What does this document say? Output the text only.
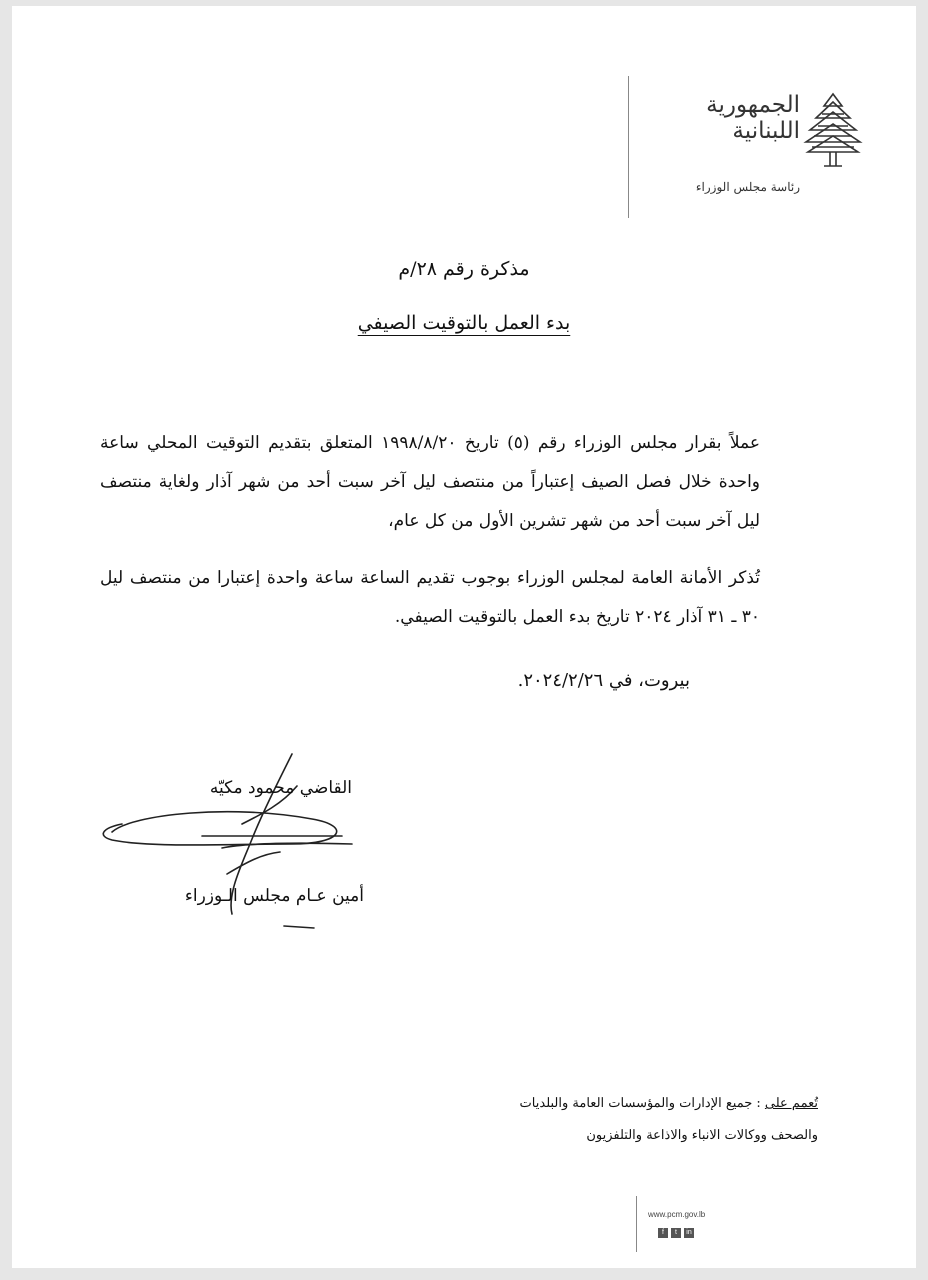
الجمهورية
اللبنانية
رئاسة مجلس الوزراء
مذكرة رقم ٢٨/م
بدء العمل بالتوقيت الصيفي

عملاً بقرار مجلس الوزراء رقم (٥) تاريخ ١٩٩٨/٨/٢٠ المتعلق بتقديم التوقيت المحلي ساعة واحدة خلال فصل الصيف إعتباراً من منتصف ليل آخر سبت أحد من شهر آذار ولغاية منتصف ليل آخر سبت أحد من شهر تشرين الأول من كل عام،

تُذكر الأمانة العامة لمجلس الوزراء بوجوب تقديم الساعة ساعة واحدة إعتبارا من منتصف ليل ٣٠ ـ ٣١ آذار ٢٠٢٤ تاريخ بدء العمل بالتوقيت الصيفي.

بيروت، في ٢٠٢٤/٢/٢٦.
القاضي محمود مكيّه
أمين عـام مجلس الـوزراء
تُعمم على : جميع الإدارات والمؤسسات العامة والبلديات
والصحف ووكالات الانباء والاذاعة والتلفزيون
www.pcm.gov.lb
f	t	in
